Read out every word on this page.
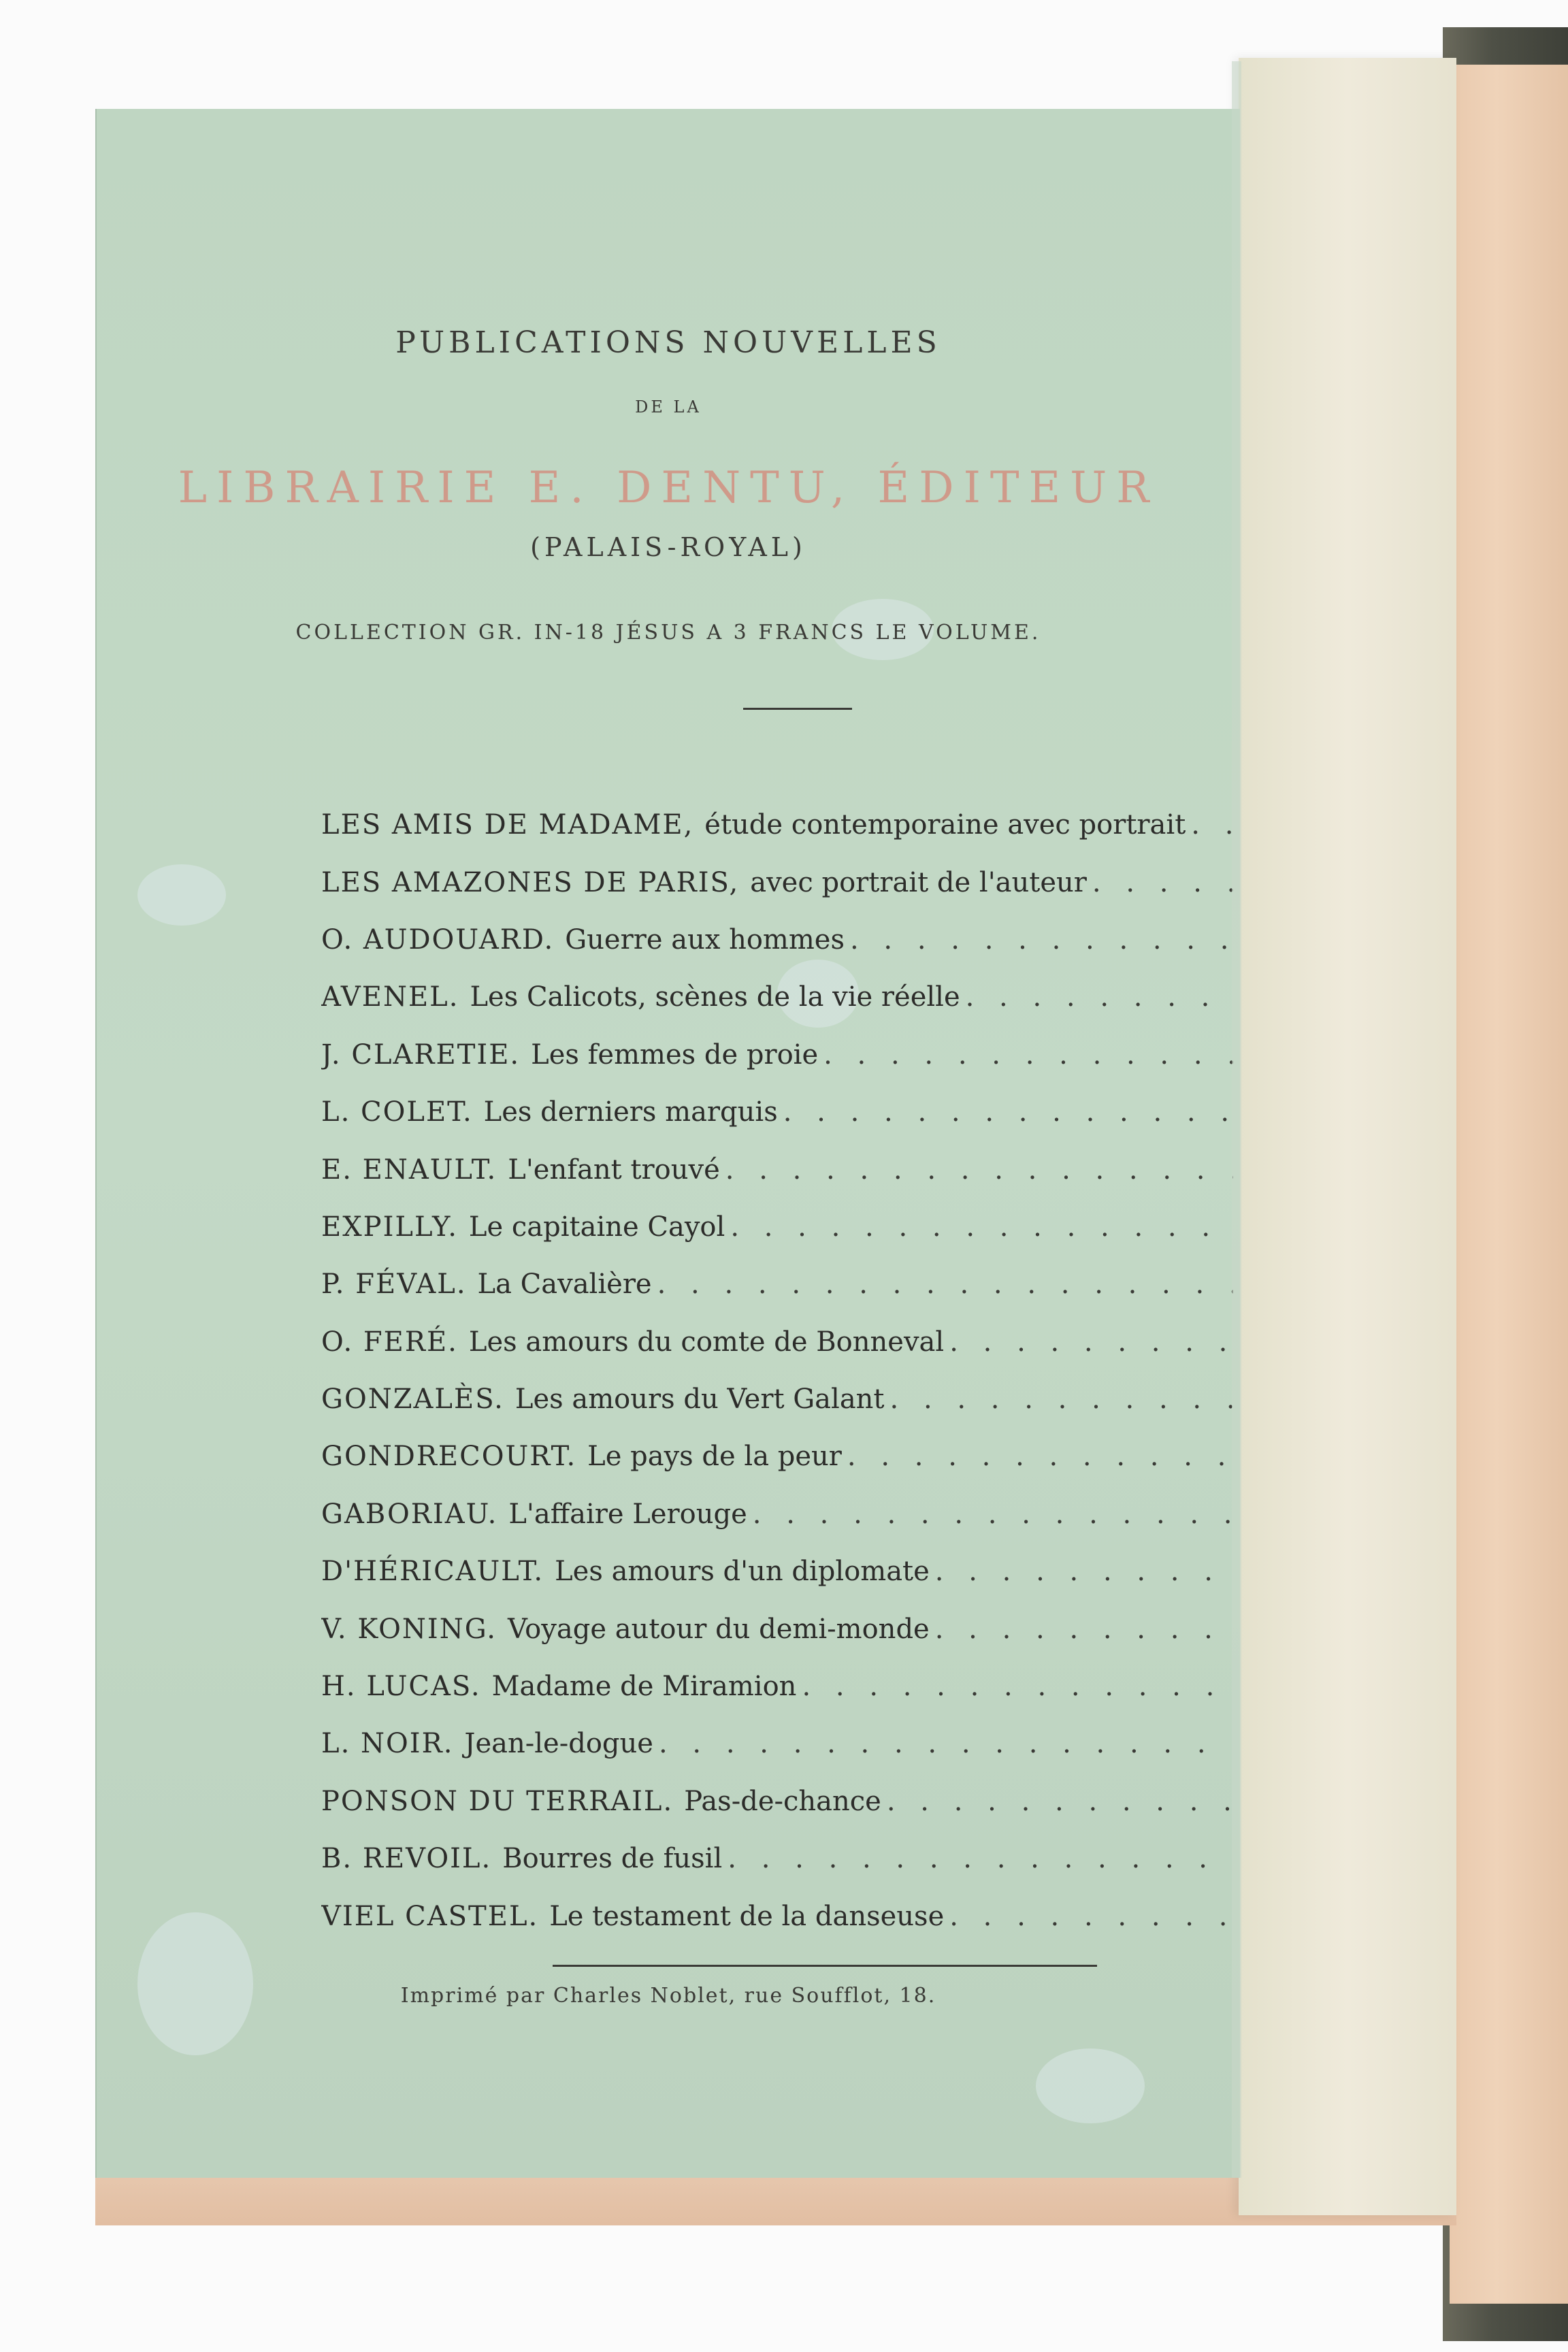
PUBLICATIONS NOUVELLES
DE LA
LIBRAIRIE E. DENTU, ÉDITEUR
(PALAIS-ROYAL)
COLLECTION GR. IN-18 JÉSUS A 3 FRANCS LE VOLUME.
LES AMIS DE MADAME, étude contemporaine avec portrait
. . .
LES AMAZONES DE PARIS, avec portrait de l'auteur
. . .
O. AUDOUARD. Guerre aux hommes
. . .
AVENEL. Les Calicots, scènes de la vie réelle
. . .
J. CLARETIE. Les femmes de proie
. . .
L. COLET. Les derniers marquis
. . .
E. ENAULT. L'enfant trouvé
. . .
EXPILLY. Le capitaine Cayol
. . .
P. FÉVAL. La Cavalière
. . .
O. FERÉ. Les amours du comte de Bonneval
. . .
GONZALÈS. Les amours du Vert Galant
. . .
GONDRECOURT. Le pays de la peur
. . .
GABORIAU. L'affaire Lerouge
. . .
D'HÉRICAULT. Les amours d'un diplomate
. . .
V. KONING. Voyage autour du demi-monde
. . .
H. LUCAS. Madame de Miramion
. . .
L. NOIR. Jean-le-dogue
. . .
PONSON DU TERRAIL. Pas-de-chance
. . .
B. REVOIL. Bourres de fusil
. . .
VIEL CASTEL. Le testament de la danseuse
. . .
Imprimé par Charles Noblet, rue Soufflot, 18.
